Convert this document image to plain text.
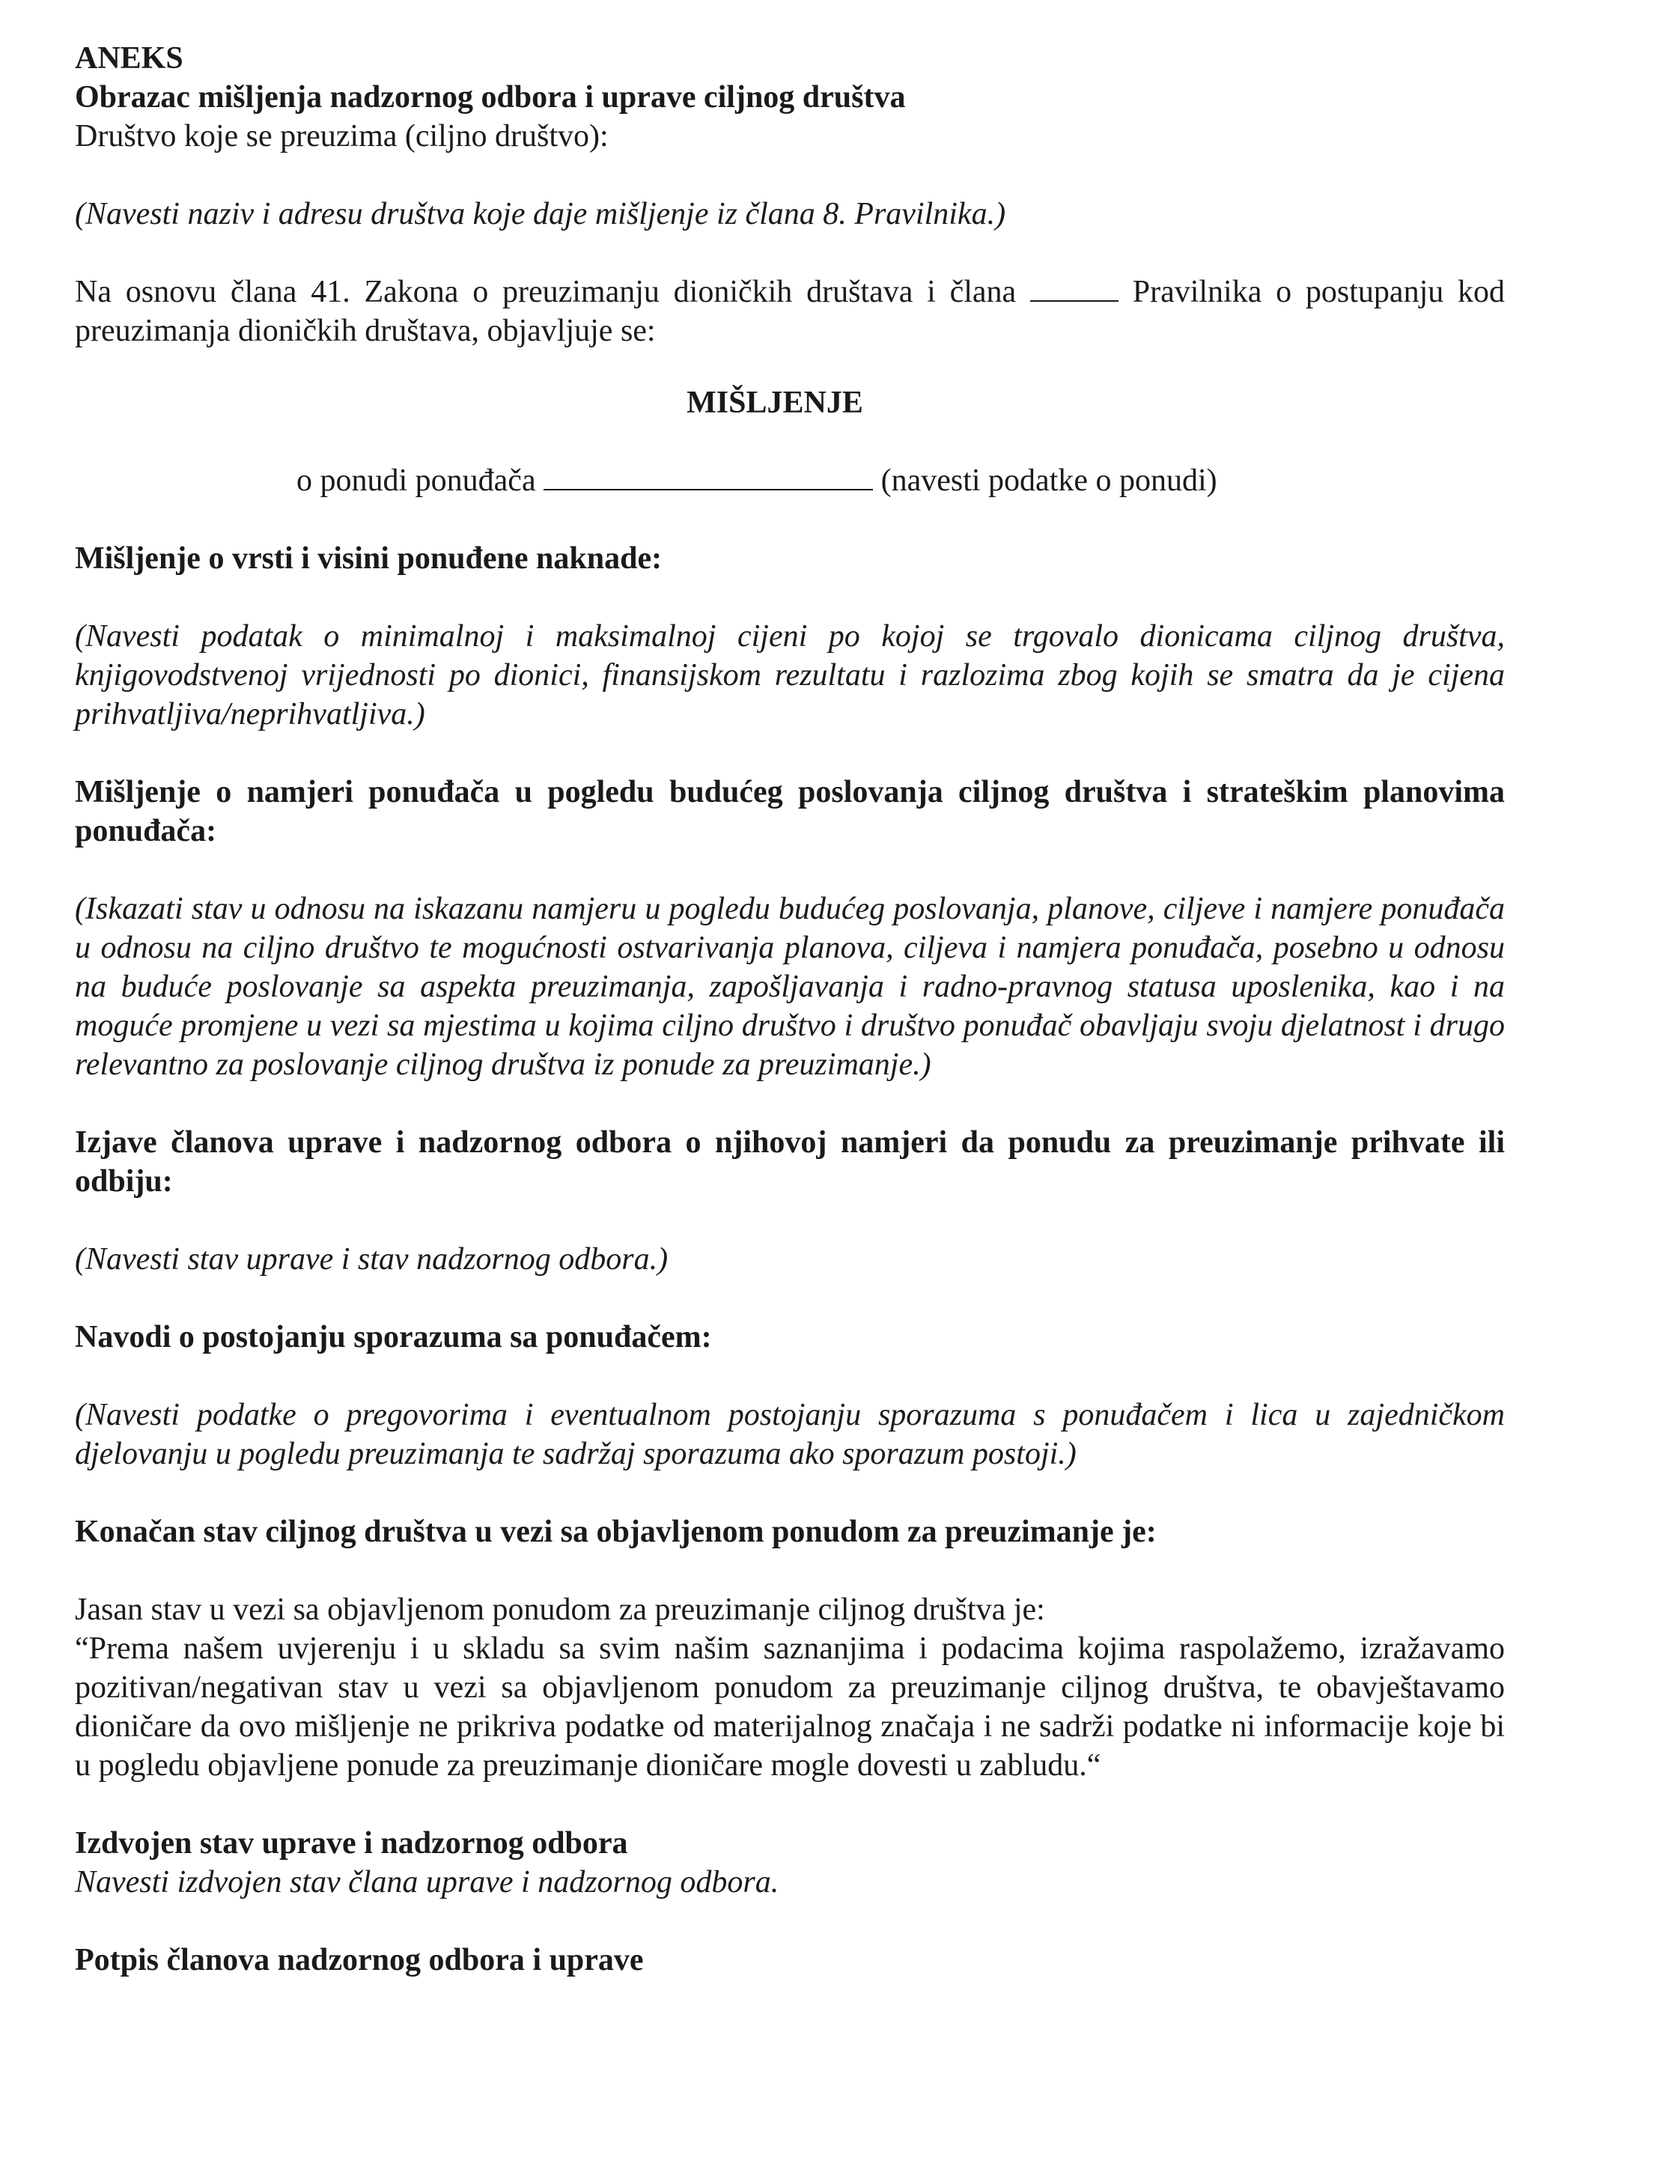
ANEKS

Obrazac mišljenja nadzornog odbora i uprave ciljnog društva

Društvo koje se preuzima (ciljno društvo):

(Navesti naziv i adresu društva koje daje mišljenje iz člana 8. Pravilnika.)

Na osnovu člana 41. Zakona o preuzimanju dioničkih društava i člana	Pravilnika o postupanju kod preuzimanja dioničkih društava, objavljuje se:

MIŠLJENJE

o ponudi ponuđača	(navesti podatke o ponudi)

Mišljenje o vrsti i visini ponuđene naknade:

(Navesti podatak o minimalnoj i maksimalnoj cijeni po kojoj se trgovalo dionicama ciljnog društva, knjigovodstvenoj vrijednosti po dionici, finansijskom rezultatu i razlozima zbog kojih se smatra da je cijena prihvatljiva/neprihvatljiva.)

Mišljenje o namjeri ponuđača u pogledu budućeg poslovanja ciljnog društva i strateškim planovima ponuđača:

(Iskazati stav u odnosu na iskazanu namjeru u pogledu budućeg poslovanja, planove, ciljeve i namjere ponuđača u odnosu na ciljno društvo te mogućnosti ostvarivanja planova, ciljeva i namjera ponuđača, posebno u odnosu na buduće poslovanje sa aspekta preuzimanja, zapošljavanja i radno-pravnog statusa uposlenika, kao i na moguće promjene u vezi sa mjestima u kojima ciljno društvo i društvo ponuđač obavljaju svoju djelatnost i drugo relevantno za poslovanje ciljnog društva iz ponude za preuzimanje.)

Izjave članova uprave i nadzornog odbora o njihovoj namjeri da ponudu za preuzimanje prihvate ili odbiju:

(Navesti stav uprave i stav nadzornog odbora.)

Navodi o postojanju sporazuma sa ponuđačem:

(Navesti podatke o pregovorima i eventualnom postojanju sporazuma s ponuđačem i lica u zajedničkom djelovanju u pogledu preuzimanja te sadržaj sporazuma ako sporazum postoji.)

Konačan stav ciljnog društva u vezi sa objavljenom ponudom za preuzimanje je:

Jasan stav u vezi sa objavljenom ponudom za preuzimanje ciljnog društva je:

“Prema našem uvjerenju i u skladu sa svim našim saznanjima i podacima kojima raspolažemo, izražavamo pozitivan/negativan stav u vezi sa objavljenom ponudom za preuzimanje ciljnog društva, te obavještavamo dioničare da ovo mišljenje ne prikriva podatke od materijalnog značaja i ne sadrži podatke ni informacije koje bi u pogledu objavljene ponude za preuzimanje dioničare mogle dovesti u zabludu.“

Izdvojen stav uprave i nadzornog odbora

Navesti izdvojen stav člana uprave i nadzornog odbora.

Potpis članova nadzornog odbora i uprave
